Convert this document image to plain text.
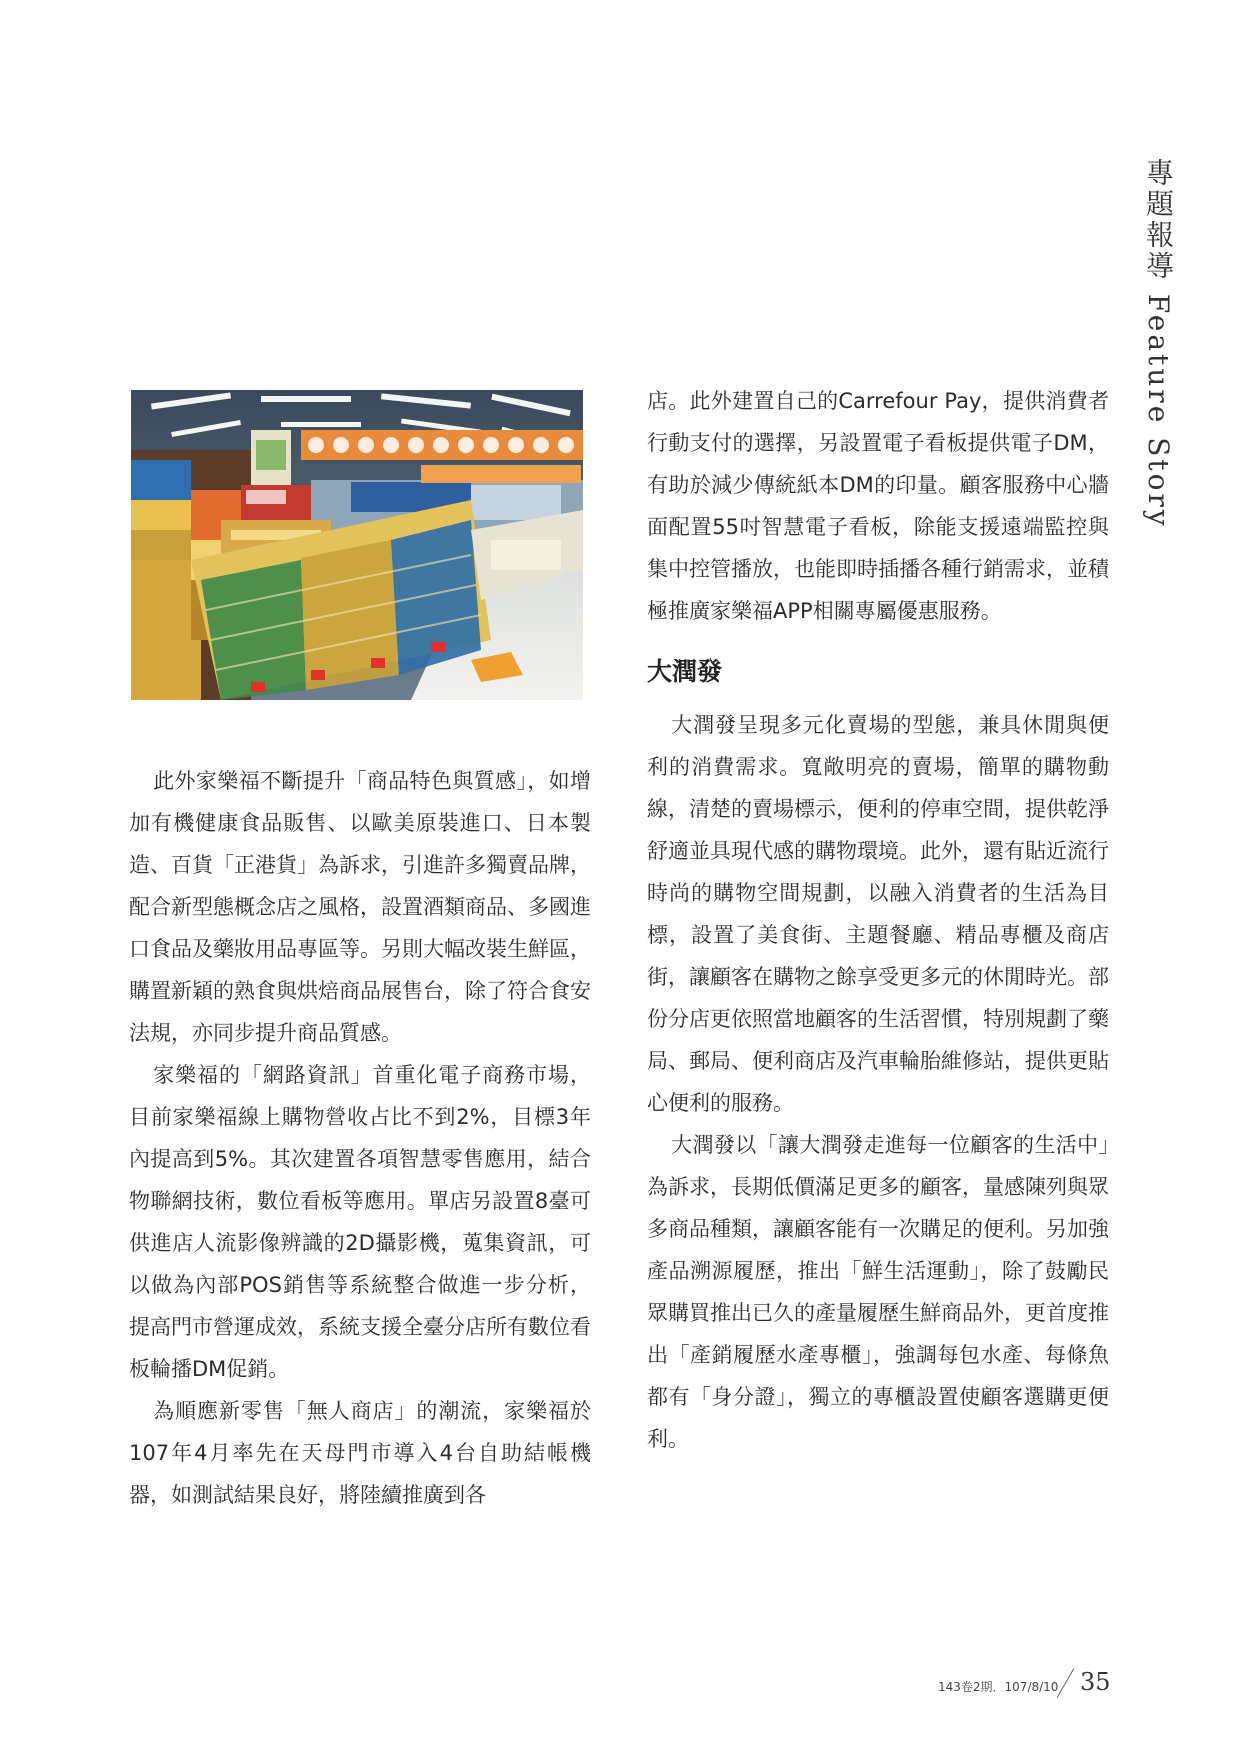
專題報導 Feature Story

此外家樂福不斷提升「商品特色與質感」，如增加有機健康食品販售、以歐美原裝進口、日本製造、百貨「正港貨」為訴求，引進許多獨賣品牌，配合新型態概念店之風格，設置酒類商品、多國進口食品及藥妝用品專區等。另則大幅改裝生鮮區，購置新穎的熟食與烘焙商品展售台，除了符合食安法規，亦同步提升商品質感。

家樂福的「網路資訊」首重化電子商務市場，目前家樂福線上購物營收占比不到2%，目標3年內提高到5%。其次建置各項智慧零售應用，結合物聯網技術，數位看板等應用。單店另設置8臺可供進店人流影像辨識的2D攝影機，蒐集資訊，可以做為內部POS銷售等系統整合做進一步分析，提高門市營運成效，系統支援全臺分店所有數位看板輪播DM促銷。

為順應新零售「無人商店」的潮流，家樂福於107年4月率先在天母門市導入4台自助結帳機器，如測試結果良好，將陸續推廣到各

店。此外建置自己的Carrefour Pay，提供消費者行動支付的選擇，另設置電子看板提供電子DM，有助於減少傳統紙本DM的印量。顧客服務中心牆面配置55吋智慧電子看板，除能支援遠端監控與集中控管播放，也能即時插播各種行銷需求，並積極推廣家樂福APP相關專屬優惠服務。

大潤發

大潤發呈現多元化賣場的型態，兼具休閒與便利的消費需求。寬敞明亮的賣場，簡單的購物動線，清楚的賣場標示，便利的停車空間，提供乾淨舒適並具現代感的購物環境。此外，還有貼近流行時尚的購物空間規劃，以融入消費者的生活為目標，設置了美食街、主題餐廳、精品專櫃及商店街，讓顧客在購物之餘享受更多元的休閒時光。部份分店更依照當地顧客的生活習慣，特別規劃了藥局、郵局、便利商店及汽車輪胎維修站，提供更貼心便利的服務。

大潤發以「讓大潤發走進每一位顧客的生活中」為訴求，長期低價滿足更多的顧客，量感陳列與眾多商品種類，讓顧客能有一次購足的便利。另加強產品溯源履歷，推出「鮮生活運動」，除了鼓勵民眾購買推出已久的產量履歷生鮮商品外，更首度推出「產銷履歷水產專櫃」，強調每包水產、每條魚都有「身分證」，獨立的專櫃設置使顧客選購更便利。

143卷2期．107/8/10 35
